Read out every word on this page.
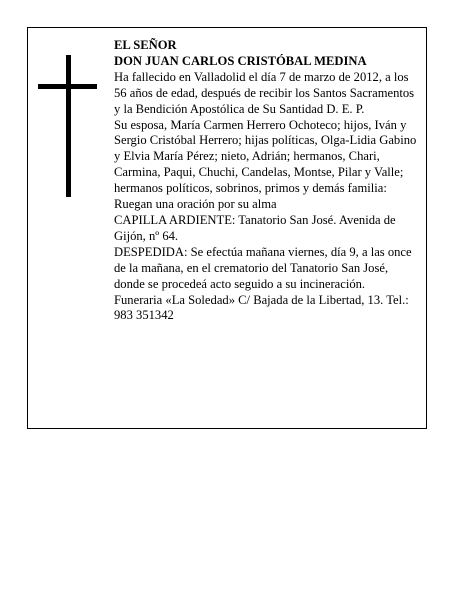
EL SEÑOR

DON JUAN CARLOS CRISTÓBAL MEDINA

Ha fallecido en Valladolid el día 7 de marzo de 2012, a los 56 años de edad, después de recibir los Santos Sacramentos y la Bendición Apostólica de Su Santidad D. E. P.

Su esposa, María Carmen Herrero Ochoteco; hijos, Iván y Sergio Cristóbal Herrero; hijas políticas, Olga-Lidia Gabino y Elvia María Pérez; nieto, Adrián; hermanos, Chari, Carmina, Paqui, Chuchi, Candelas, Montse, Pilar y Valle; hermanos políticos, sobrinos, primos y demás familia:

Ruegan una oración por su alma

CAPILLA ARDIENTE: Tanatorio San José. Avenida de Gijón, nº 64.

DESPEDIDA: Se efectúa mañana viernes, día 9, a las once de la mañana, en el crematorio del Tanatorio San José, donde se procedeá acto seguido a su incineración.

Funeraria «La Soledad» C/ Bajada de la Libertad, 13. Tel.: 983 351342
